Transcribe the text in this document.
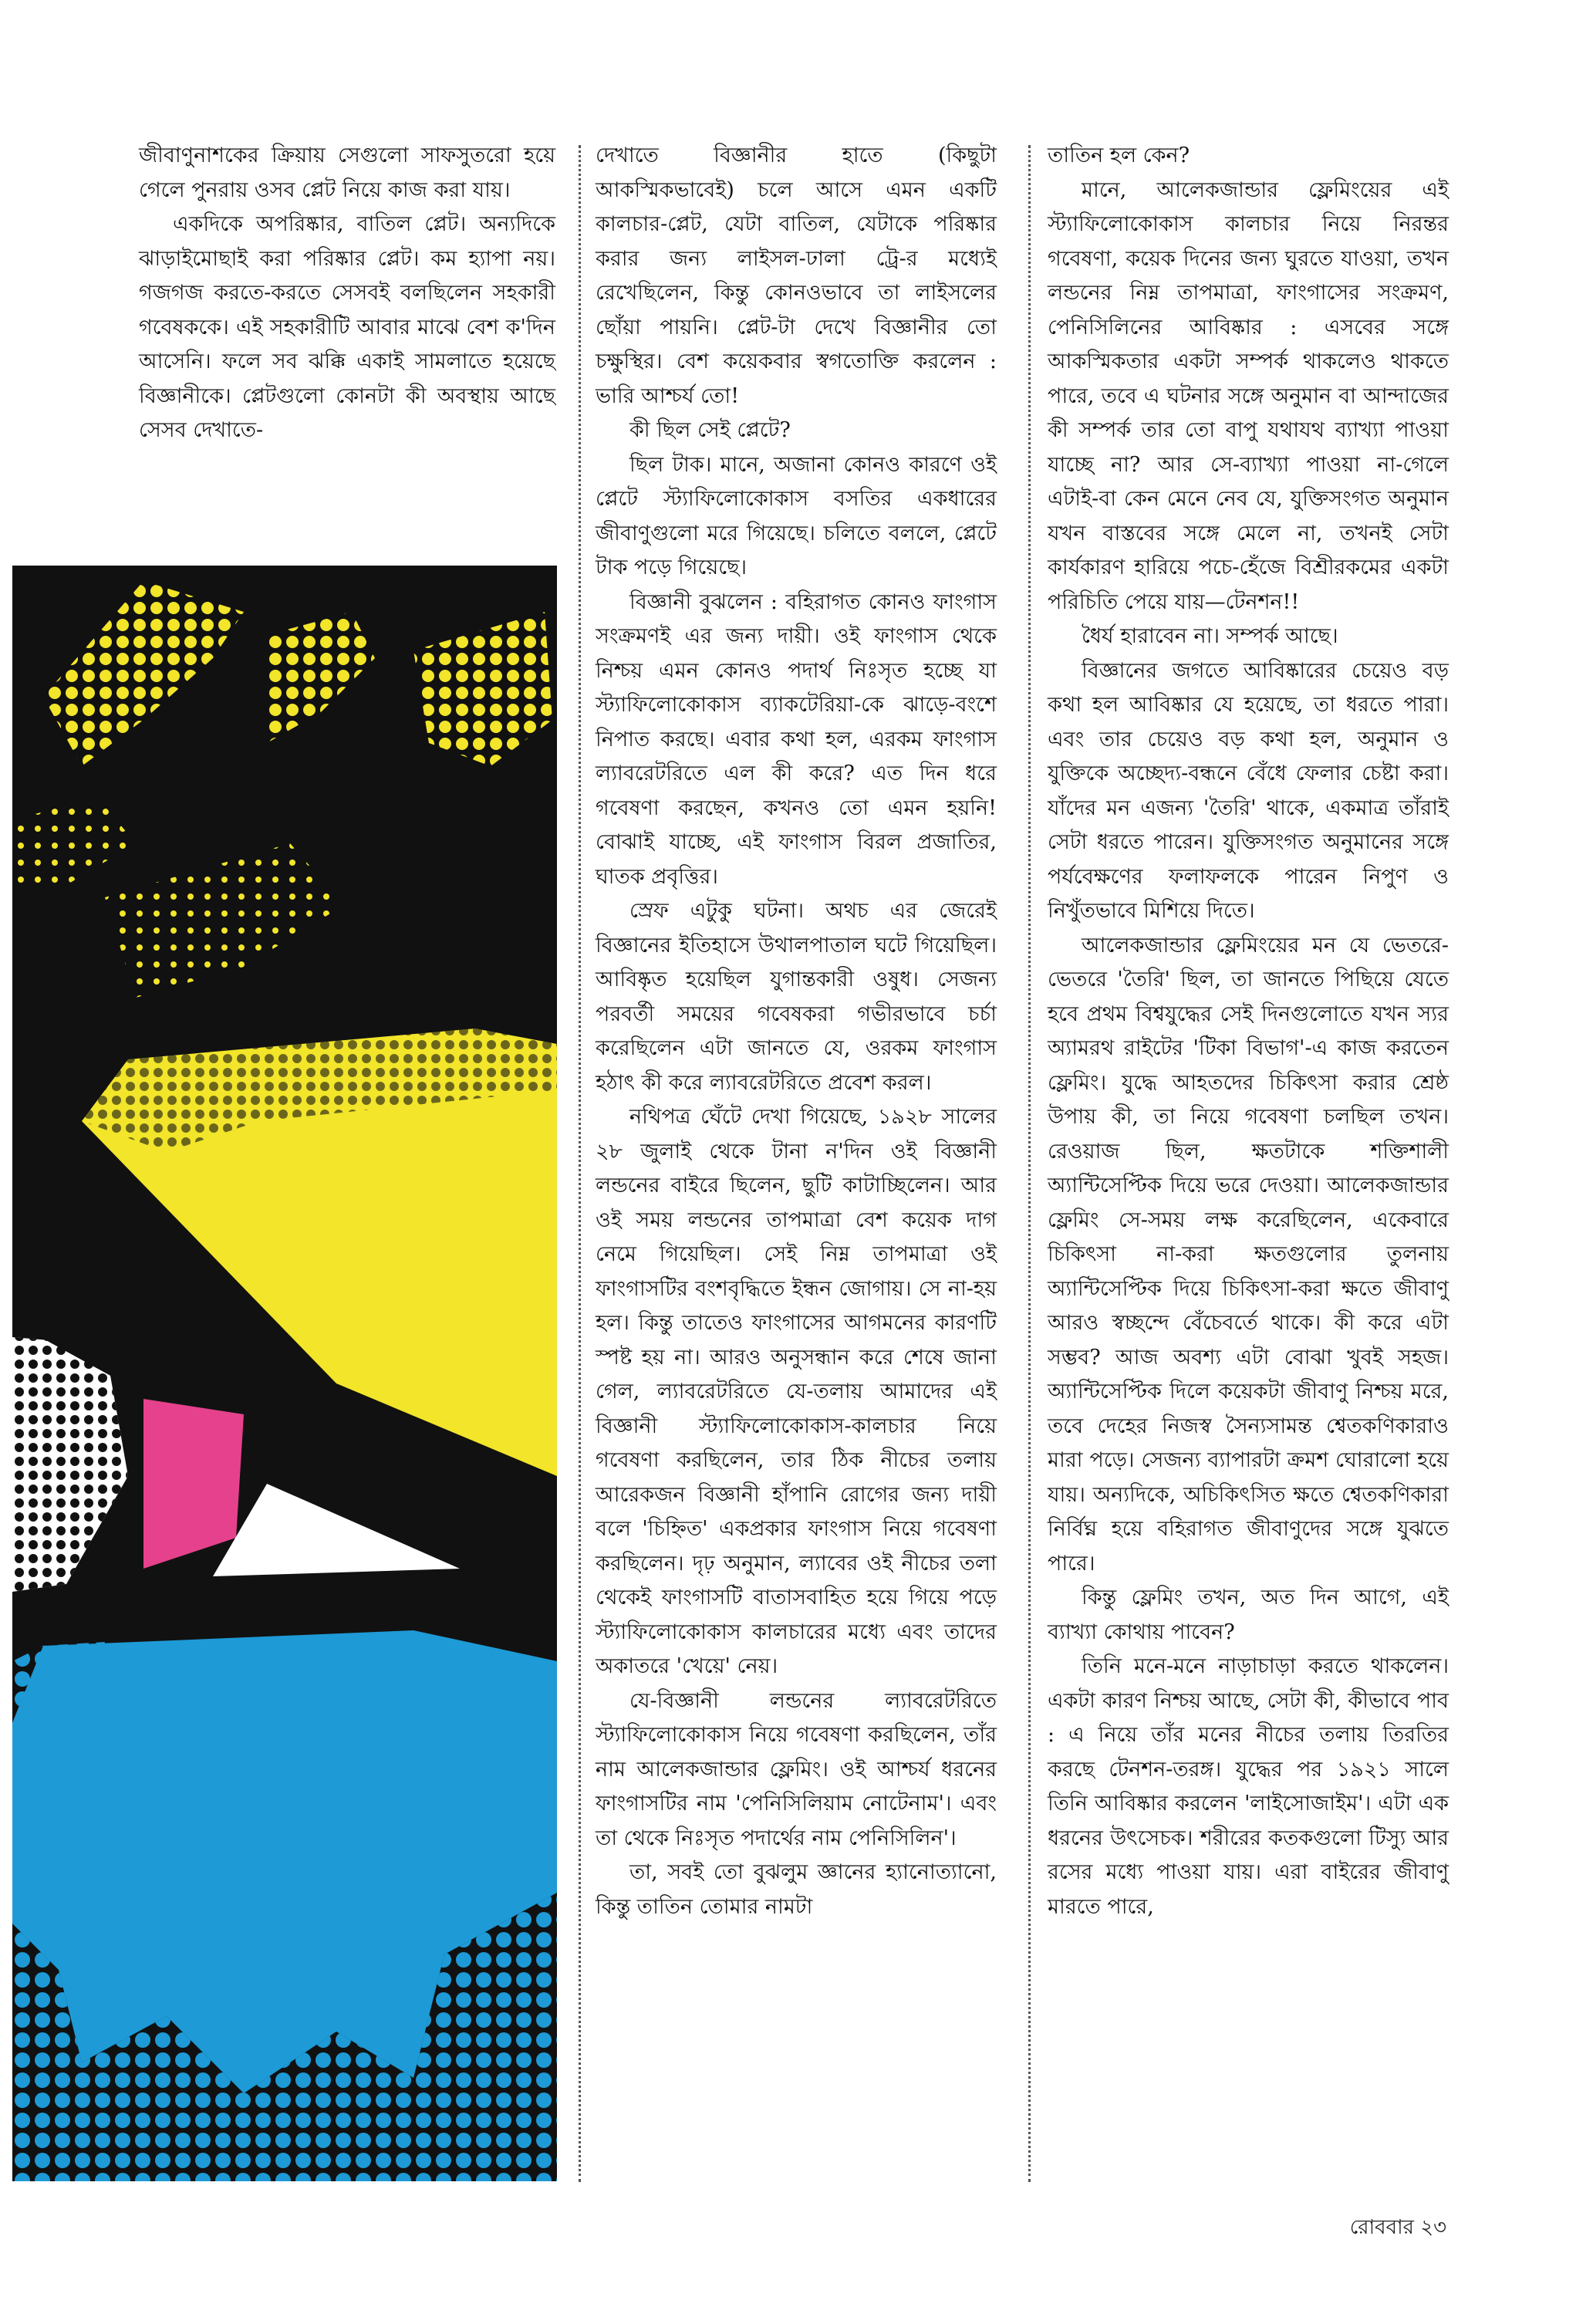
জীবাণুনাশকের ক্রিয়ায় সেগুলো সাফসুতরো হয়ে গেলে পুনরায় ওসব প্লেট নিয়ে কাজ করা যায়।

একদিকে অপরিষ্কার, বাতিল প্লেট। অন্যদিকে ঝাড়াইমোছাই করা পরিষ্কার প্লেট। কম হ্যাপা নয়। গজগজ করতে-করতে সেসবই বলছিলেন সহকারী গবেষককে। এই সহকারীটি আবার মাঝে বেশ ক'দিন আসেনি। ফলে সব ঝক্কি একাই সামলাতে হয়েছে বিজ্ঞানীকে। প্লেটগুলো কোনটা কী অবস্থায় আছে সেসব দেখাতে-

দেখাতে বিজ্ঞানীর হাতে (কিছুটা আকস্মিকভাবেই) চলে আসে এমন একটি কালচার-প্লেট, যেটা বাতিল, যেটাকে পরিষ্কার করার জন্য লাইসল-ঢালা ট্রে-র মধ্যেই রেখেছিলেন, কিন্তু কোনওভাবে তা লাইসলের ছোঁয়া পায়নি। প্লেট-টা দেখে বিজ্ঞানীর তো চক্ষুস্থির। বেশ কয়েকবার স্বগতোক্তি করলেন : ভারি আশ্চর্য তো!

কী ছিল সেই প্লেটে?

ছিল টাক। মানে, অজানা কোনও কারণে ওই প্লেটে স্ট্যাফিলোকোকাস বসতির একধারের জীবাণুগুলো মরে গিয়েছে। চলিতে বললে, প্লেটে টাক পড়ে গিয়েছে।

বিজ্ঞানী বুঝলেন : বহিরাগত কোনও ফাংগাস সংক্রমণই এর জন্য দায়ী। ওই ফাংগাস থেকে নিশ্চয় এমন কোনও পদার্থ নিঃসৃত হচ্ছে যা স্ট্যাফিলোকোকাস ব্যাকটেরিয়া-কে ঝাড়ে-বংশে নিপাত করছে। এবার কথা হল, এরকম ফাংগাস ল্যাবরেটরিতে এল কী করে? এত দিন ধরে গবেষণা করছেন, কখনও তো এমন হয়নি! বোঝাই যাচ্ছে, এই ফাংগাস বিরল প্রজাতির, ঘাতক প্রবৃত্তির।

স্রেফ এটুকু ঘটনা। অথচ এর জেরেই বিজ্ঞানের ইতিহাসে উথালপাতাল ঘটে গিয়েছিল। আবিষ্কৃত হয়েছিল যুগান্তকারী ওষুধ। সেজন্য পরবর্তী সময়ের গবেষকরা গভীরভাবে চর্চা করেছিলেন এটা জানতে যে, ওরকম ফাংগাস হঠাৎ কী করে ল্যাবরেটরিতে প্রবেশ করল।

নথিপত্র ঘেঁটে দেখা গিয়েছে, ১৯২৮ সালের ২৮ জুলাই থেকে টানা ন'দিন ওই বিজ্ঞানী লন্ডনের বাইরে ছিলেন, ছুটি কাটাচ্ছিলেন। আর ওই সময় লন্ডনের তাপমাত্রা বেশ কয়েক দাগ নেমে গিয়েছিল। সেই নিম্ন তাপমাত্রা ওই ফাংগাসটির বংশবৃদ্ধিতে ইন্ধন জোগায়। সে না-হয় হল। কিন্তু তাতেও ফাংগাসের আগমনের কারণটি স্পষ্ট হয় না। আরও অনুসন্ধান করে শেষে জানা গেল, ল্যাবরেটরিতে যে-তলায় আমাদের এই বিজ্ঞানী স্ট্যাফিলোকোকাস-কালচার নিয়ে গবেষণা করছিলেন, তার ঠিক নীচের তলায় আরেকজন বিজ্ঞানী হাঁপানি রোগের জন্য দায়ী বলে 'চিহ্নিত' একপ্রকার ফাংগাস নিয়ে গবেষণা করছিলেন। দৃঢ় অনুমান, ল্যাবের ওই নীচের তলা থেকেই ফাংগাসটি বাতাসবাহিত হয়ে গিয়ে পড়ে স্ট্যাফিলোকোকাস কালচারের মধ্যে এবং তাদের অকাতরে 'খেয়ে' নেয়।

যে-বিজ্ঞানী লন্ডনের ল্যাবরেটরিতে স্ট্যাফিলোকোকাস নিয়ে গবেষণা করছিলেন, তাঁর নাম আলেকজান্ডার ফ্লেমিং। ওই আশ্চর্য ধরনের ফাংগাসটির নাম 'পেনিসিলিয়াম নোটেনাম'। এবং তা থেকে নিঃসৃত পদার্থের নাম পেনিসিলিন'।

তা, সবই তো বুঝলুম জ্ঞানের হ্যানোত্যানো, কিন্তু তাতিন তোমার নামটা

তাতিন হল কেন?

মানে, আলেকজান্ডার ফ্লেমিংয়ের এই স্ট্যাফিলোকোকাস কালচার নিয়ে নিরন্তর গবেষণা, কয়েক দিনের জন্য ঘুরতে যাওয়া, তখন লন্ডনের নিম্ন তাপমাত্রা, ফাংগাসের সংক্রমণ, পেনিসিলিনের আবিষ্কার : এসবের সঙ্গে আকস্মিকতার একটা সম্পর্ক থাকলেও থাকতে পারে, তবে এ ঘটনার সঙ্গে অনুমান বা আন্দাজের কী সম্পর্ক তার তো বাপু যথাযথ ব্যাখ্যা পাওয়া যাচ্ছে না? আর সে-ব্যাখ্যা পাওয়া না-গেলে এটাই-বা কেন মেনে নেব যে, যুক্তিসংগত অনুমান যখন বাস্তবের সঙ্গে মেলে না, তখনই সেটা কার্যকারণ হারিয়ে পচে-হেঁজে বিশ্রীরকমের একটা পরিচিতি পেয়ে যায়—টেনশন!!

ধৈর্য হারাবেন না। সম্পর্ক আছে।

বিজ্ঞানের জগতে আবিষ্কারের চেয়েও বড় কথা হল আবিষ্কার যে হয়েছে, তা ধরতে পারা। এবং তার চেয়েও বড় কথা হল, অনুমান ও যুক্তিকে অচ্ছেদ্য-বন্ধনে বেঁধে ফেলার চেষ্টা করা। যাঁদের মন এজন্য 'তৈরি' থাকে, একমাত্র তাঁরাই সেটা ধরতে পারেন। যুক্তিসংগত অনুমানের সঙ্গে পর্যবেক্ষণের ফলাফলকে পারেন নিপুণ ও নিখুঁতভাবে মিশিয়ে দিতে।

আলেকজান্ডার ফ্লেমিংয়ের মন যে ভেতরে-ভেতরে 'তৈরি' ছিল, তা জানতে পিছিয়ে যেতে হবে প্রথম বিশ্বযুদ্ধের সেই দিনগুলোতে যখন স্যর অ্যামরথ রাইটের 'টিকা বিভাগ'-এ কাজ করতেন ফ্লেমিং। যুদ্ধে আহতদের চিকিৎসা করার শ্রেষ্ঠ উপায় কী, তা নিয়ে গবেষণা চলছিল তখন। রেওয়াজ ছিল, ক্ষতটাকে শক্তিশালী অ্যান্টিসেপ্টিক দিয়ে ভরে দেওয়া। আলেকজান্ডার ফ্লেমিং সে-সময় লক্ষ করেছিলেন, একেবারে চিকিৎসা না-করা ক্ষতগুলোর তুলনায় অ্যান্টিসেপ্টিক দিয়ে চিকিৎসা-করা ক্ষতে জীবাণু আরও স্বচ্ছন্দে বেঁচেবর্তে থাকে। কী করে এটা সম্ভব? আজ অবশ্য এটা বোঝা খুবই সহজ। অ্যান্টিসেপ্টিক দিলে কয়েকটা জীবাণু নিশ্চয় মরে, তবে দেহের নিজস্ব সৈন্যসামন্ত শ্বেতকণিকারাও মারা পড়ে। সেজন্য ব্যাপারটা ক্রমশ ঘোরালো হয়ে যায়। অন্যদিকে, অচিকিৎসিত ক্ষতে শ্বেতকণিকারা নির্বিঘ্ন হয়ে বহিরাগত জীবাণুদের সঙ্গে যুঝতে পারে।

কিন্তু ফ্লেমিং তখন, অত দিন আগে, এই ব্যাখ্যা কোথায় পাবেন?

তিনি মনে-মনে নাড়াচাড়া করতে থাকলেন। একটা কারণ নিশ্চয় আছে, সেটা কী, কীভাবে পাব : এ নিয়ে তাঁর মনের নীচের তলায় তিরতির করছে টেনশন-তরঙ্গ। যুদ্ধের পর ১৯২১ সালে তিনি আবিষ্কার করলেন 'লাইসোজাইম'। এটা এক ধরনের উৎসেচক। শরীরের কতকগুলো টিস্যু আর রসের মধ্যে পাওয়া যায়। এরা বাইরের জীবাণু মারতে পারে,

রোববার ২৩
